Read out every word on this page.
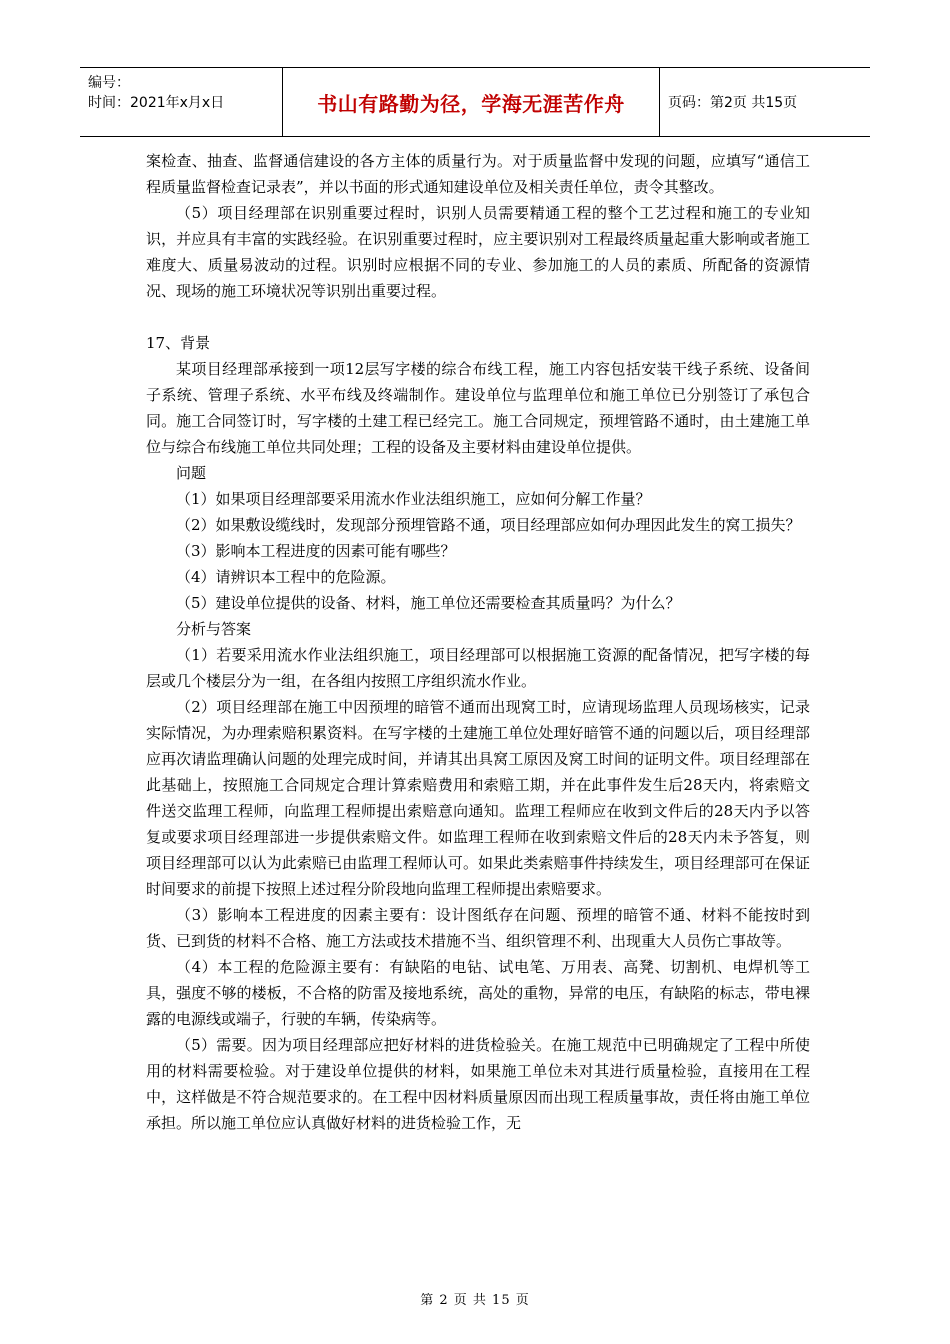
编号：
时间：2021年x月x日	书山有路勤为径，学海无涯苦作舟	页码：第2页 共15页

案检查、抽查、监督通信建设的各方主体的质量行为。对于质量监督中发现的问题，应填写“通信工程质量监督检查记录表”，并以书面的形式通知建设单位及相关责任单位，责令其整改。

（5）项目经理部在识别重要过程时，识别人员需要精通工程的整个工艺过程和施工的专业知识，并应具有丰富的实践经验。在识别重要过程时，应主要识别对工程最终质量起重大影响或者施工难度大、质量易波动的过程。识别时应根据不同的专业、参加施工的人员的素质、所配备的资源情况、现场的施工环境状况等识别出重要过程。

17、背景

某项目经理部承接到一项12层写字楼的综合布线工程，施工内容包括安装干线子系统、设备间子系统、管理子系统、水平布线及终端制作。建设单位与监理单位和施工单位已分别签订了承包合同。施工合同签订时，写字楼的土建工程已经完工。施工合同规定，预埋管路不通时，由土建施工单位与综合布线施工单位共同处理；工程的设备及主要材料由建设单位提供。

问题

（1）如果项目经理部要采用流水作业法组织施工，应如何分解工作量？

（2）如果敷设缆线时，发现部分预埋管路不通，项目经理部应如何办理因此发生的窝工损失？

（3）影响本工程进度的因素可能有哪些？

（4）请辨识本工程中的危险源。

（5）建设单位提供的设备、材料，施工单位还需要检查其质量吗？为什么？

分析与答案

（1）若要采用流水作业法组织施工，项目经理部可以根据施工资源的配备情况，把写字楼的每层或几个楼层分为一组，在各组内按照工序组织流水作业。

（2）项目经理部在施工中因预埋的暗管不通而出现窝工时，应请现场监理人员现场核实，记录实际情况，为办理索赔积累资料。在写字楼的土建施工单位处理好暗管不通的问题以后，项目经理部应再次请监理确认问题的处理完成时间，并请其出具窝工原因及窝工时间的证明文件。项目经理部在此基础上，按照施工合同规定合理计算索赔费用和索赔工期，并在此事件发生后28天内，将索赔文件送交监理工程师，向监理工程师提出索赔意向通知。监理工程师应在收到文件后的28天内予以答复或要求项目经理部进一步提供索赔文件。如监理工程师在收到索赔文件后的28天内未予答复，则项目经理部可以认为此索赔已由监理工程师认可。如果此类索赔事件持续发生，项目经理部可在保证时间要求的前提下按照上述过程分阶段地向监理工程师提出索赔要求。

（3）影响本工程进度的因素主要有：设计图纸存在问题、预埋的暗管不通、材料不能按时到货、已到货的材料不合格、施工方法或技术措施不当、组织管理不利、出现重大人员伤亡事故等。

（4）本工程的危险源主要有：有缺陷的电钻、试电笔、万用表、高凳、切割机、电焊机等工具，强度不够的楼板，不合格的防雷及接地系统，高处的重物，异常的电压，有缺陷的标志，带电裸露的电源线或端子，行驶的车辆，传染病等。

（5）需要。因为项目经理部应把好材料的进货检验关。在施工规范中已明确规定了工程中所使用的材料需要检验。对于建设单位提供的材料，如果施工单位未对其进行质量检验，直接用在工程中，这样做是不符合规范要求的。在工程中因材料质量原因而出现工程质量事故，责任将由施工单位承担。所以施工单位应认真做好材料的进货检验工作，无

第 2 页 共 15 页
